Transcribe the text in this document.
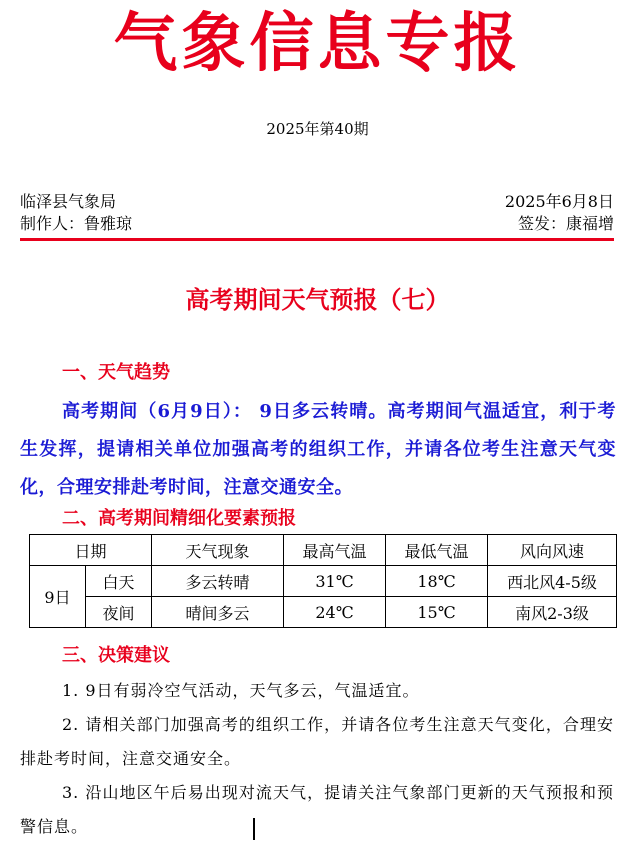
气象信息专报
2025年第40期
临泽县气象局	2025年6月8日
制作人：鲁雅琼	签发：康福增
高考期间天气预报（七）
一、天气趋势
高考期间（6月9日）： 9日多云转晴。高考期间气温适宜，利于考生发挥，提请相关单位加强高考的组织工作，并请各位考生注意天气变化，合理安排赴考时间，注意交通安全。
二、高考期间精细化要素预报
日期		天气现象	最高气温	最低气温	风向风速
9日	白天	多云转晴	31℃	18℃	西北风4-5级
	夜间	晴间多云	24℃	15℃	南风2-3级
三、决策建议
1. 9日有弱冷空气活动，天气多云，气温适宜。
2. 请相关部门加强高考的组织工作，并请各位考生注意天气变化，合理安排赴考时间，注意交通安全。
3. 沿山地区午后易出现对流天气，提请关注气象部门更新的天气预报和预警信息。
